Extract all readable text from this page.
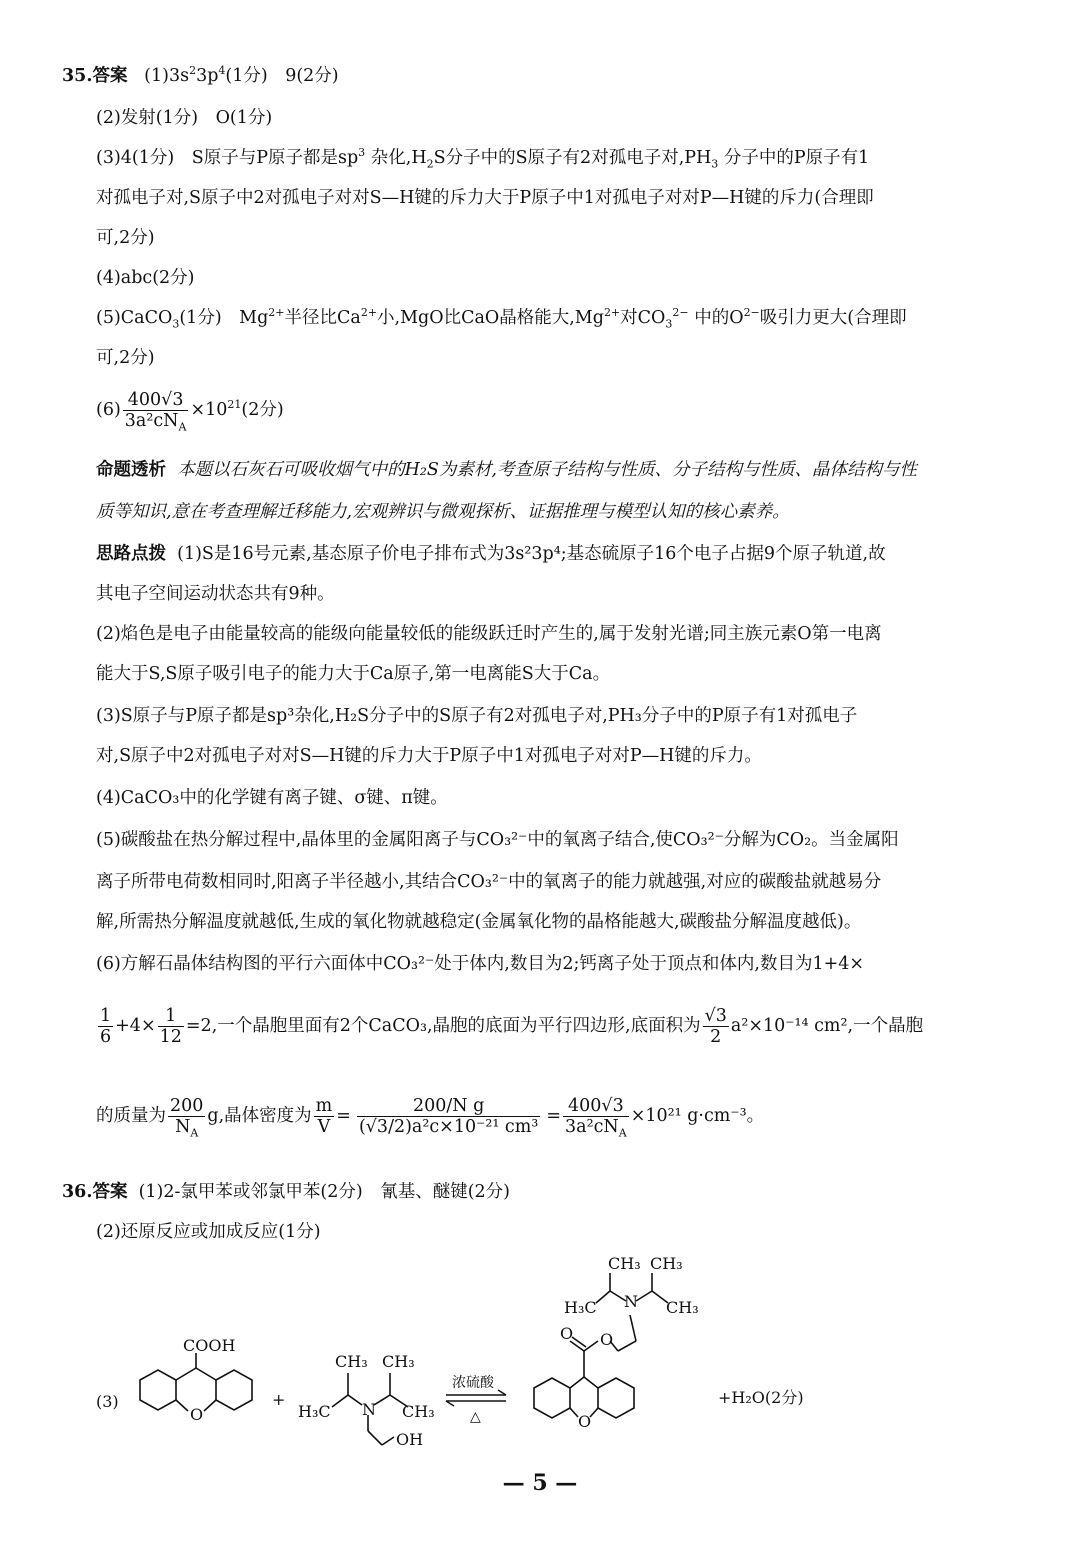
35.答案 $(1)3s^23p^4(1$分)　9(2分)
(2)发射(1分)　O(1分)
(3)4(1分)　S原子与P原子都是$sp^3$ 杂化$,H_2S$分子中的S原子有2对孤电子对$,PH_3$ 分子中的P原子有1
对孤电子对,S原子中2对孤电子对对S—H键的斥力大于P原子中1对孤电子对对P—H键的斥力(合理即
可,2分)
(4)abc(2分)
(5)CaCO$_3$(1分)　$Mg^{2+}$半径比$Ca^{2+}$小,MgO比CaO晶格能大$,Mg^{2+}$对$CO_3^{2-}$ 中的$O^{2-}$吸引力更大(合理即
可,2分)
$(6) \frac{400√3}{3a^2cN_A} \times 10^{21}(2$分)
命题透析 本题以石灰石可吸收烟气中的H₂S为素材,考查原子结构与性质、分子结构与性质、晶体结构与性
质等知识,意在考查理解迁移能力,宏观辨识与微观探析、证据推理与模型认知的核心素养。
思路点拨 (1)S是16号元素,基态原子价电子排布式为3s²3p⁴;基态硫原子16个电子占据9个原子轨道,故
其电子空间运动状态共有9种。
(2)焰色是电子由能量较高的能级向能量较低的能级跃迁时产生的,属于发射光谱;同主族元素O第一电离
能大于S,S原子吸引电子的能力大于Ca原子,第一电离能S大于Ca。
(3)S原子与P原子都是sp³杂化,H₂S分子中的S原子有2对孤电子对,PH₃分子中的P原子有1对孤电子
对,S原子中2对孤电子对对S—H键的斥力大于P原子中1对孤电子对对P—H键的斥力。
(4)CaCO₃中的化学键有离子键、σ键、π键。
(5)碳酸盐在热分解过程中,晶体里的金属阳离子与CO₃²⁻中的氧离子结合,使CO₃²⁻分解为CO₂。当金属阳
离子所带电荷数相同时,阳离子半径越小,其结合CO₃²⁻中的氧离子的能力就越强,对应的碳酸盐就越易分
解,所需热分解温度就越低,生成的氧化物就越稳定(金属氧化物的晶格能越大,碳酸盐分解温度越低)。
(6)方解石晶体结构图的平行六面体中CO₃²⁻处于体内,数目为2;钙离子处于顶点和体内,数目为1+4×
$\frac{1}{6} +4\times \frac{1}{12} =2$,一个晶胞里面有2个CaCO₃,晶胞的底面为平行四边形,底面积为 $\frac{√3}{2} a^2\times 10^{-14}$ cm²,一个晶胞
的质量为 $\frac{200}{N_A} g$,晶体密度为 $\frac{m}{V} = \frac{\text{200/N g}}{\text{(√3/2)a²c×10⁻²¹ cm³}} = \frac{400√3}{3a^2cN_A} \times 10^{21}$ g·cm⁻³。
36.答案 (1)2-氯甲苯或邻氯甲苯(2分)　氰基、醚键(2分)
(2)还原反应或加成反应(1分)
(3)
COOH
O
+
CH₃ CH₃
H₃C	CH₃
N
OH
浓硫酸
△
O O
O
N
CH₃ CH₃
H₃C	CH₃
+H₂O(2分)
— 5 —
